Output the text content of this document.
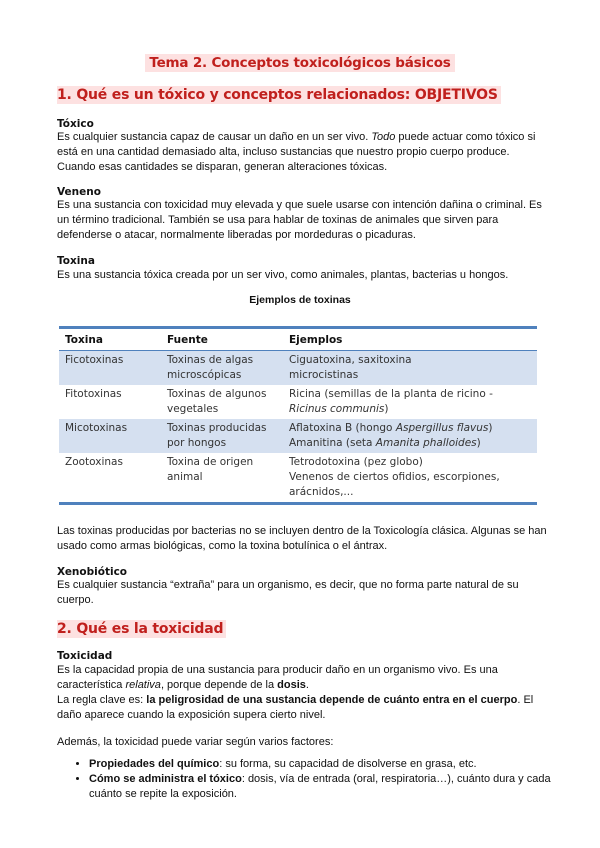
Tema 2. Conceptos toxicológicos básicos
1. Qué es un tóxico y conceptos relacionados: OBJETIVOS
Tóxico

Es cualquier sustancia capaz de causar un daño en un ser vivo. Todo puede actuar como tóxico si está en una cantidad demasiado alta, incluso sustancias que nuestro propio cuerpo produce. Cuando esas cantidades se disparan, generan alteraciones tóxicas.

Veneno

Es una sustancia con toxicidad muy elevada y que suele usarse con intención dañina o criminal. Es un término tradicional. También se usa para hablar de toxinas de animales que sirven para defenderse o atacar, normalmente liberadas por mordeduras o picaduras.

Toxina

Es una sustancia tóxica creada por un ser vivo, como animales, plantas, bacterias u hongos.

Ejemplos de toxinas
Toxina	Fuente	Ejemplos
Ficotoxinas	Toxinas de algas microscópicas	Ciguatoxina, saxitoxina
microcistinas

Fitotoxinas	Toxinas de algunos vegetales	Ricina (semillas de la planta de ricino - Ricinus communis)
Micotoxinas	Toxinas producidas por hongos	Aflatoxina B (hongo Aspergillus flavus)
Amanitina (seta Amanita phalloides)

Zootoxinas	Toxina de origen animal	Tetrodotoxina (pez globo)
Venenos de ciertos ofidios, escorpiones, arácnidos,...

Las toxinas producidas por bacterias no se incluyen dentro de la Toxicología clásica. Algunas se han usado como armas biológicas, como la toxina botulínica o el ántrax.

Xenobiótico

Es cualquier sustancia “extraña” para un organismo, es decir, que no forma parte natural de su cuerpo.

2. Qué es la toxicidad
Toxicidad

Es la capacidad propia de una sustancia para producir daño en un organismo vivo. Es una característica relativa, porque depende de la dosis.

La regla clave es: la peligrosidad de una sustancia depende de cuánto entra en el cuerpo. El daño aparece cuando la exposición supera cierto nivel.

Además, la toxicidad puede variar según varios factores:

• Propiedades del químico: su forma, su capacidad de disolverse en grasa, etc.
• Cómo se administra el tóxico: dosis, vía de entrada (oral, respiratoria…), cuánto dura y cada cuánto se repite la exposición.
